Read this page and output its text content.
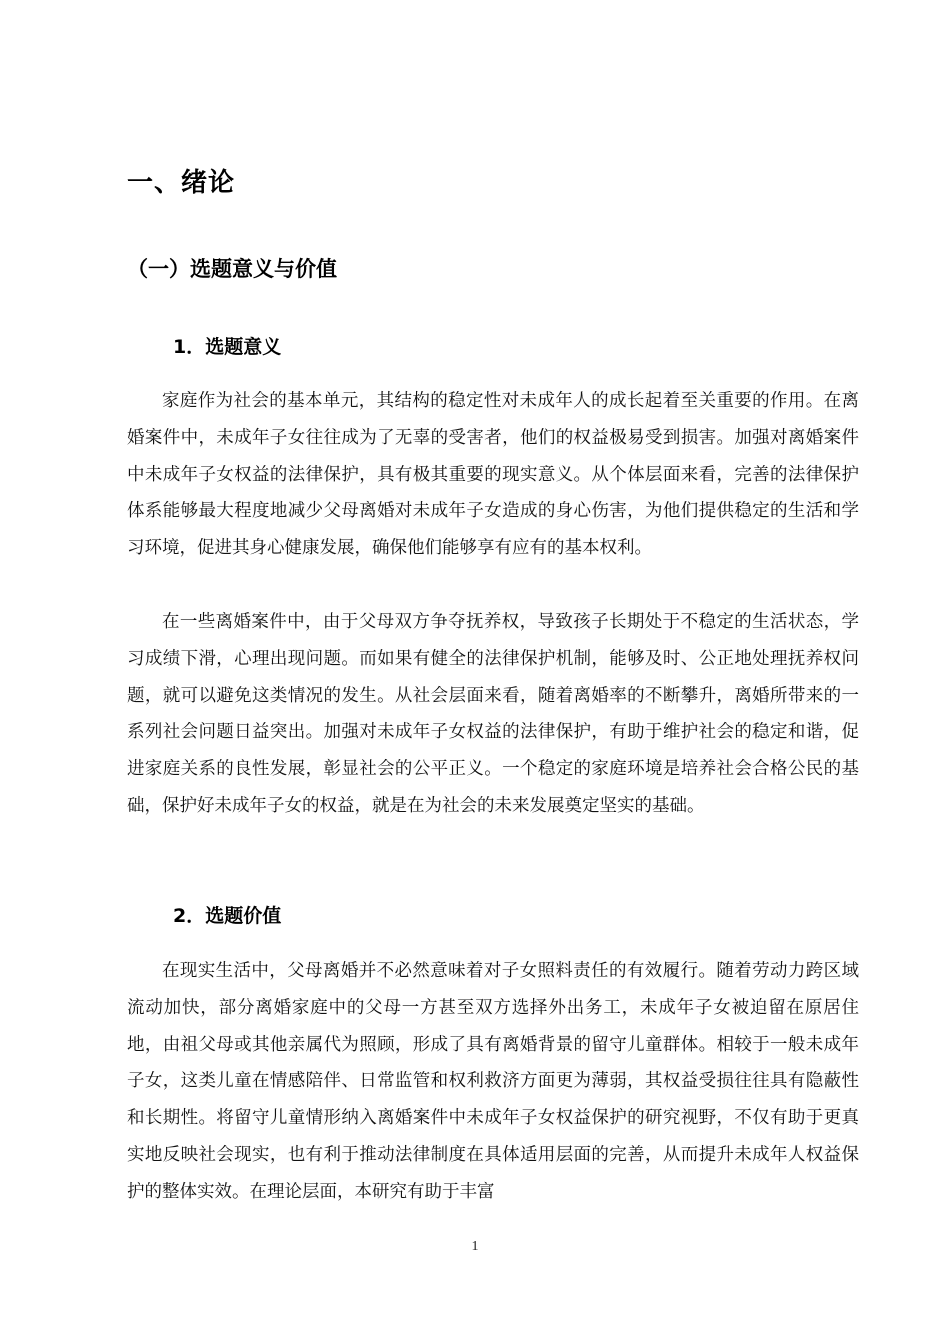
一、绪论
（一）选题意义与价值
1．选题意义

家庭作为社会的基本单元，其结构的稳定性对未成年人的成长起着至关重要的作用。在离婚案件中，未成年子女往往成为了无辜的受害者，他们的权益极易受到损害。加强对离婚案件中未成年子女权益的法律保护，具有极其重要的现实意义。从个体层面来看，完善的法律保护体系能够最大程度地减少父母离婚对未成年子女造成的身心伤害，为他们提供稳定的生活和学习环境，促进其身心健康发展，确保他们能够享有应有的基本权利。

在一些离婚案件中，由于父母双方争夺抚养权，导致孩子长期处于不稳定的生活状态，学习成绩下滑，心理出现问题。而如果有健全的法律保护机制，能够及时、公正地处理抚养权问题，就可以避免这类情况的发生。从社会层面来看，随着离婚率的不断攀升，离婚所带来的一系列社会问题日益突出。加强对未成年子女权益的法律保护，有助于维护社会的稳定和谐，促进家庭关系的良性发展，彰显社会的公平正义。一个稳定的家庭环境是培养社会合格公民的基础，保护好未成年子女的权益，就是在为社会的未来发展奠定坚实的基础。

2．选题价值

在现实生活中，父母离婚并不必然意味着对子女照料责任的有效履行。随着劳动力跨区域流动加快，部分离婚家庭中的父母一方甚至双方选择外出务工，未成年子女被迫留在原居住地，由祖父母或其他亲属代为照顾，形成了具有离婚背景的留守儿童群体。相较于一般未成年子女，这类儿童在情感陪伴、日常监管和权利救济方面更为薄弱，其权益受损往往具有隐蔽性和长期性。将留守儿童情形纳入离婚案件中未成年子女权益保护的研究视野，不仅有助于更真实地反映社会现实，也有利于推动法律制度在具体适用层面的完善，从而提升未成年人权益保护的整体实效。在理论层面，本研究有助于丰富

1
